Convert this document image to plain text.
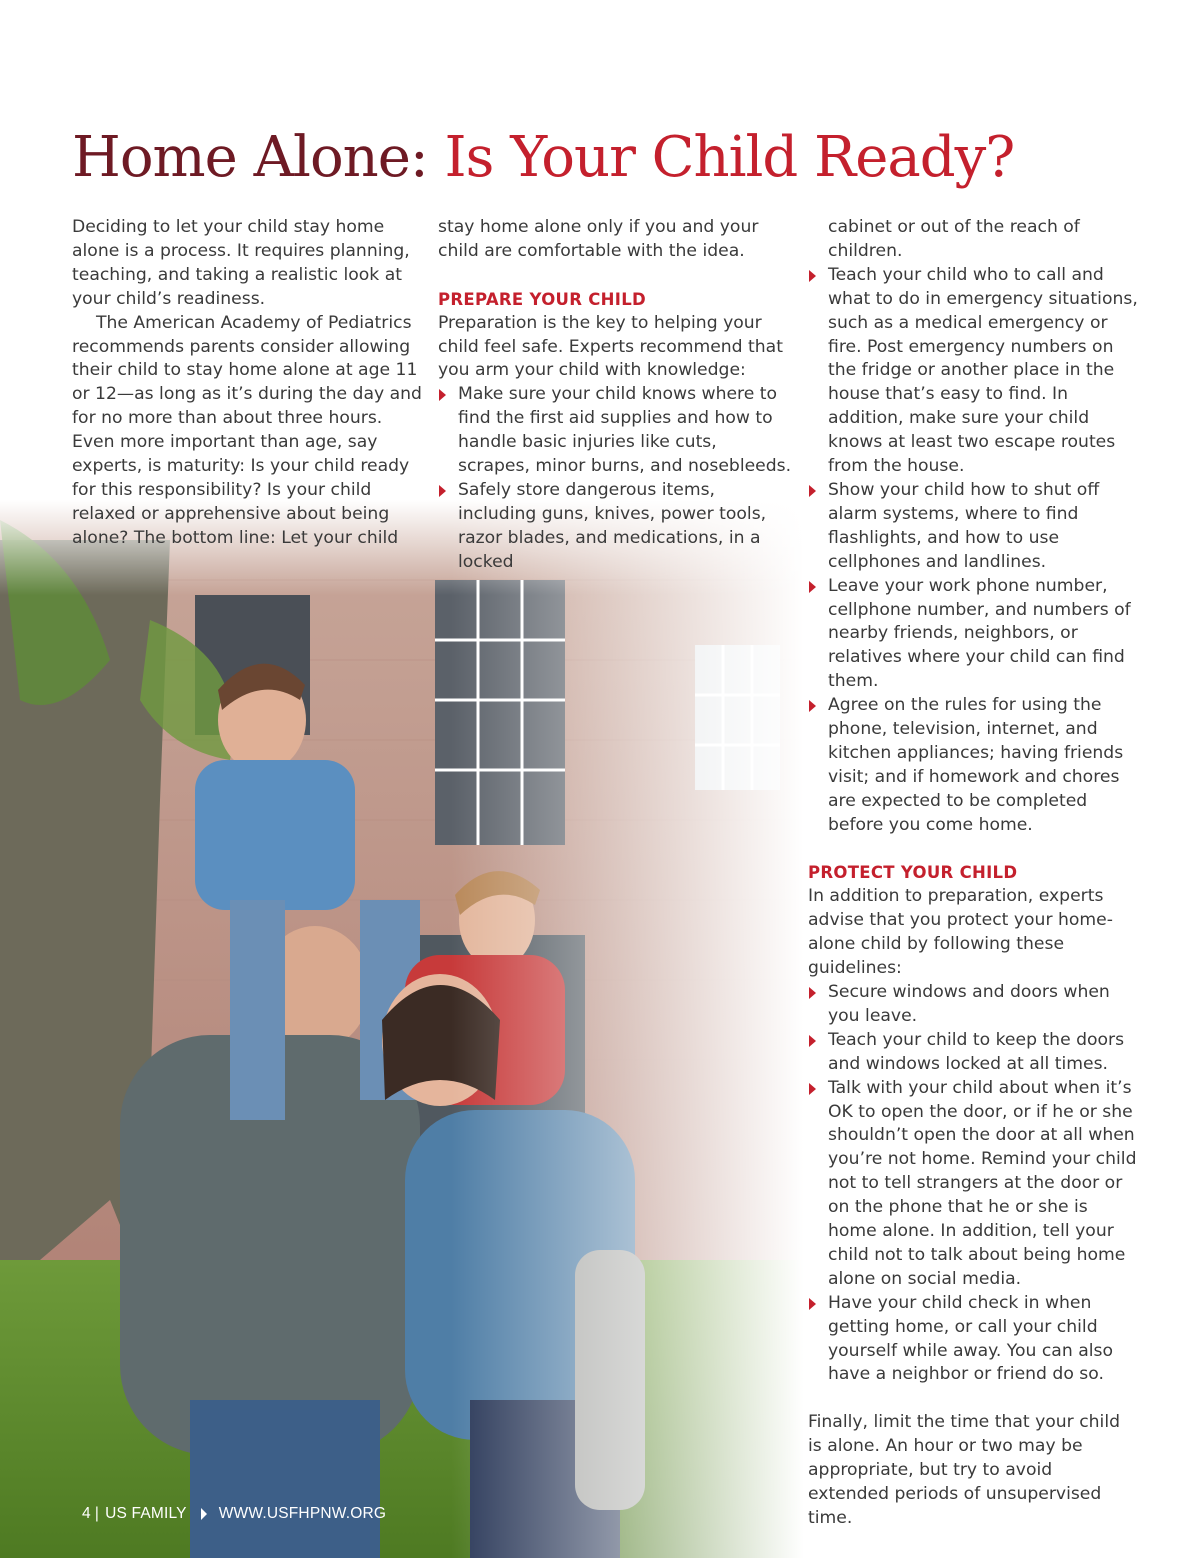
Home Alone: Is Your Child Ready?

Deciding to let your child stay home alone is a process. It requires planning, teaching, and taking a realistic look at your child’s readiness.

The American Academy of Pediatrics recommends parents consider allowing their child to stay home alone at age 11 or 12—as long as it’s during the day and for no more than about three hours. Even more important than age, say experts, is maturity: Is your child ready for this responsibility? Is your child relaxed or apprehensive about being alone? The bottom line: Let your child

stay home alone only if you and your child are comfortable with the idea.

PREPARE YOUR CHILD

Preparation is the key to helping your child feel safe. Experts recommend that you arm your child with knowledge:

Make sure your child knows where to find the first aid supplies and how to handle basic injuries like cuts, scrapes, minor burns, and nosebleeds.

Safely store dangerous items, including guns, knives, power tools, razor blades, and medications, in a locked

cabinet or out of the reach of children.

Teach your child who to call and what to do in emergency situations, such as a medical emergency or fire. Post emergency numbers on the fridge or another place in the house that’s easy to find. In addition, make sure your child knows at least two escape routes from the house.

Show your child how to shut off alarm systems, where to find flashlights, and how to use cellphones and landlines.

Leave your work phone number, cellphone number, and numbers of nearby friends, neighbors, or relatives where your child can find them.

Agree on the rules for using the phone, television, internet, and kitchen appliances; having friends visit; and if homework and chores are expected to be completed before you come home.

PROTECT YOUR CHILD

In addition to preparation, experts advise that you protect your home-alone child by following these guidelines:

Secure windows and doors when you leave.

Teach your child to keep the doors and windows locked at all times.

Talk with your child about when it’s OK to open the door, or if he or she shouldn’t open the door at all when you’re not home. Remind your child not to tell strangers at the door or on the phone that he or she is home alone. In addition, tell your child not to talk about being home alone on social media.

Have your child check in when getting home, or call your child yourself while away. You can also have a neighbor or friend do so.

Finally, limit the time that your child is alone. An hour or two may be appropriate, but try to avoid extended periods of unsupervised time.

4 | US FAMILY WWW.USFHPNW.ORG
